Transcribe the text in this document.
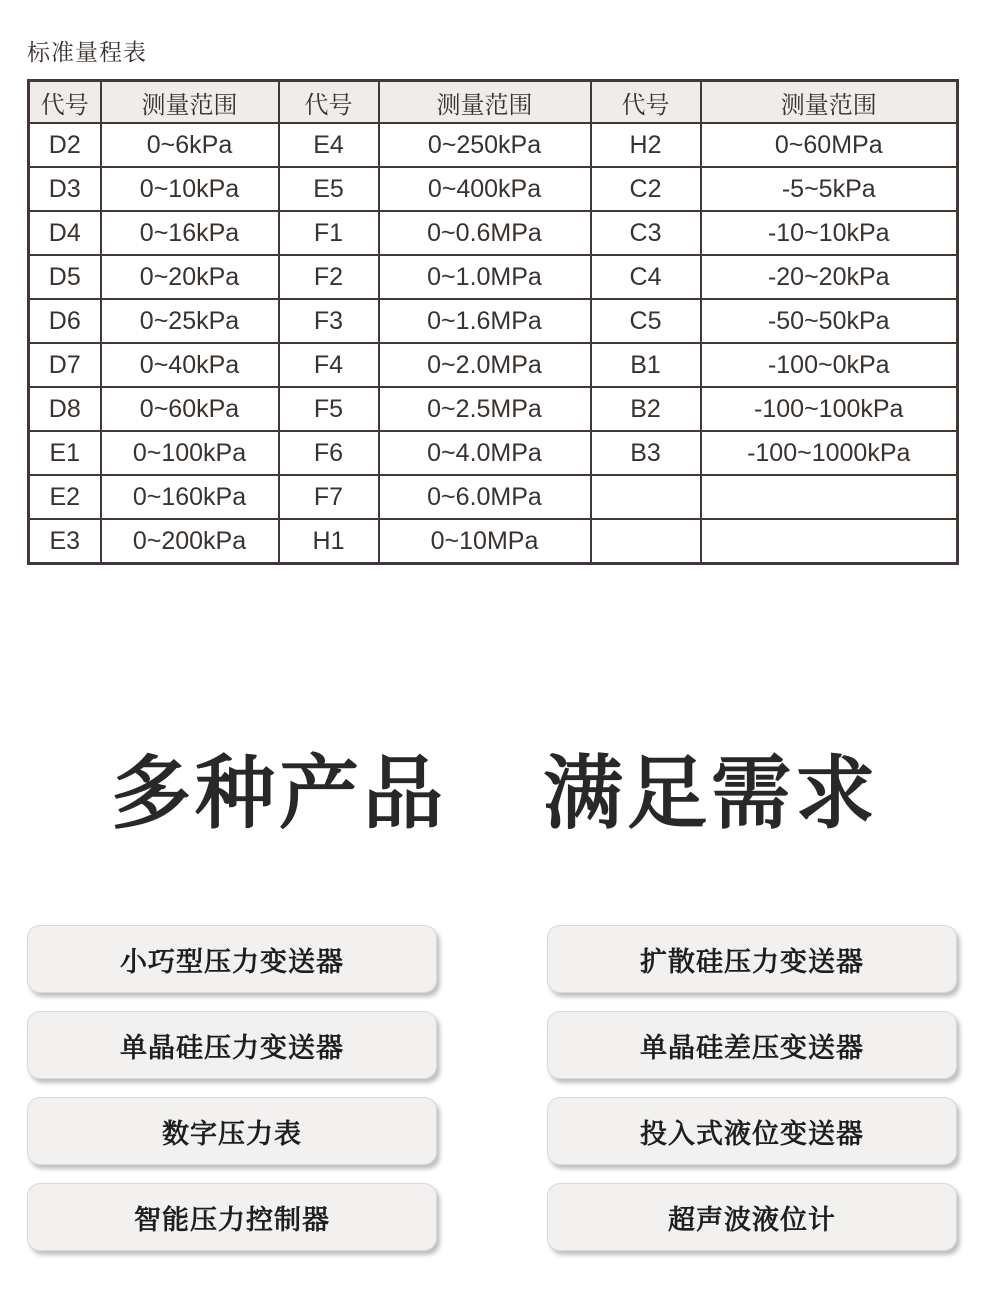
标准量程表
代号	测量范围	代号	测量范围	代号	测量范围
D2	0~6kPa	E4	0~250kPa	H2	0~60MPa
D3	0~10kPa	E5	0~400kPa	C2	-5~5kPa
D4	0~16kPa	F1	0~0.6MPa	C3	-10~10kPa
D5	0~20kPa	F2	0~1.0MPa	C4	-20~20kPa
D6	0~25kPa	F3	0~1.6MPa	C5	-50~50kPa
D7	0~40kPa	F4	0~2.0MPa	B1	-100~0kPa
D8	0~60kPa	F5	0~2.5MPa	B2	-100~100kPa
E1	0~100kPa	F6	0~4.0MPa	B3	-100~1000kPa
E2	0~160kPa	F7	0~6.0MPa		
E3	0~200kPa	H1	0~10MPa		
多种产品 满足需求
小巧型压力变送器	扩散硅压力变送器
单晶硅压力变送器	单晶硅差压变送器
数字压力表	投入式液位变送器
智能压力控制器	超声波液位计
